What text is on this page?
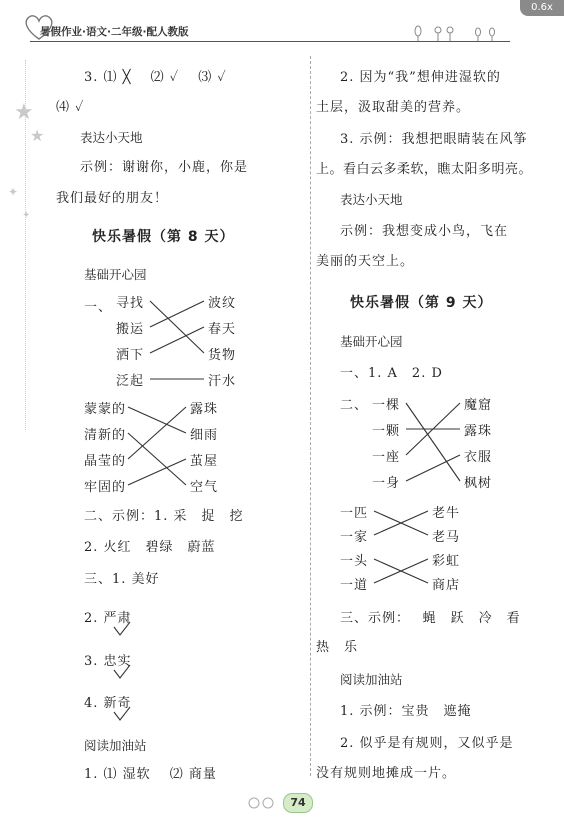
暑假作业·语文·二年级·配人教版
0.6x
★
★
✦
✦
3. ⑴ ╳　 ⑵ ✓　 ⑶ ✓
⑷ ✓
表达小天地
示例：谢谢你，小鹿，你是
我们最好的朋友！
快乐暑假（第 8 天）
基础开心园
一、 寻找
搬运
洒下
泛起
波纹
春天
货物
汗水
蒙蒙的
清新的
晶莹的
牢固的
露珠
细雨
茧屋
空气
二、示例：1. 采　捉　挖
2. 火红　碧绿　蔚蓝
三、1. 美好
2. 严肃
3. 忠实
4. 新奇
阅读加油站
1. ⑴ 湿软　 ⑵ 商量
2. 因为“我”想伸进湿软的
土层，汲取甜美的营养。
3. 示例：我想把眼睛装在风筝
上。看白云多柔软，瞧太阳多明亮。
表达小天地
示例：我想变成小鸟，飞在
美丽的天空上。
快乐暑假（第 9 天）
基础开心园
一、1. A　2. D
二、 一棵
一颗
一座
一身
魔窟
露珠
衣服
枫树
一匹
一家
一头
一道
老牛
老马
彩虹
商店
三、示例：　 蝇　跃　冷　看
热　乐
阅读加油站
1. 示例：宝贵　遮掩
2. 似乎是有规则，又似乎是
没有规则地摊成一片。
74
